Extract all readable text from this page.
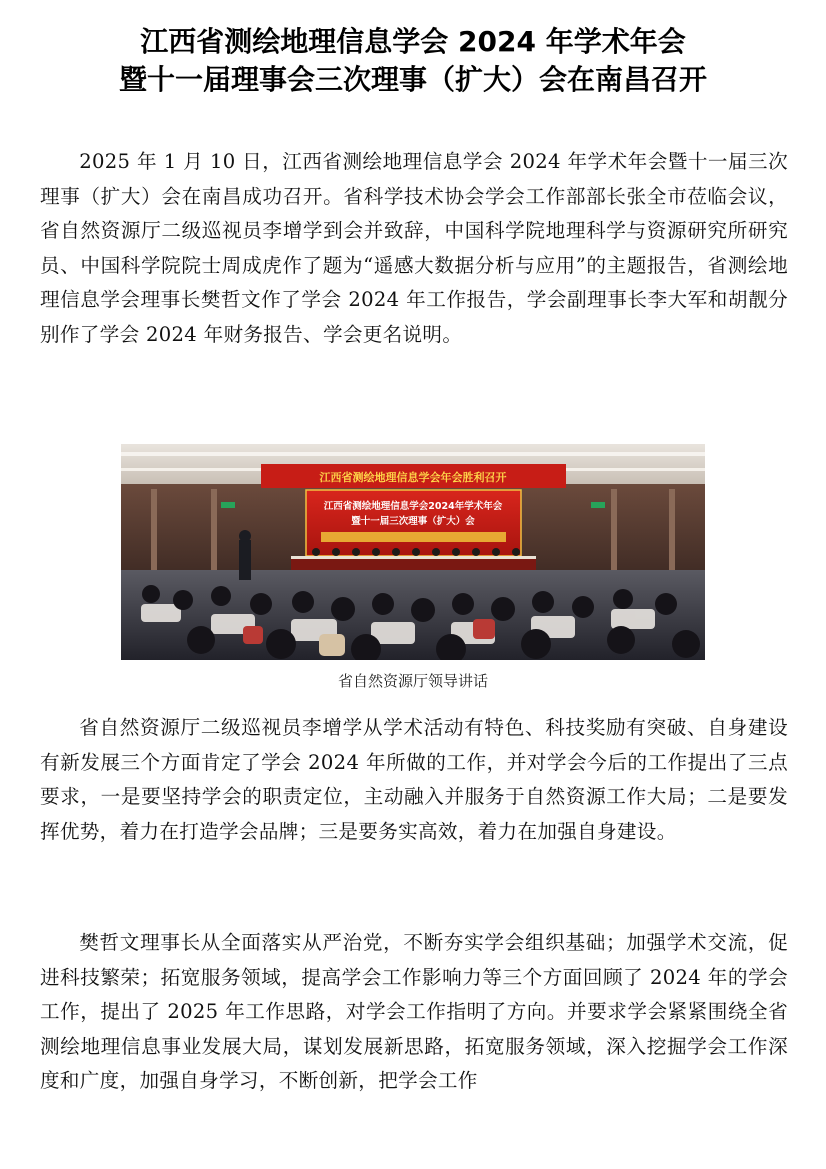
江西省测绘地理信息学会 2024 年学术年会
暨十一届理事会三次理事（扩大）会在南昌召开

2025 年 1 月 10 日，江西省测绘地理信息学会 2024 年学术年会暨十一届三次理事（扩大）会在南昌成功召开。省科学技术协会学会工作部部长张全市莅临会议，省自然资源厅二级巡视员李增学到会并致辞，中国科学院地理科学与资源研究所研究员、中国科学院院士周成虎作了题为“遥感大数据分析与应用”的主题报告，省测绘地理信息学会理事长樊哲文作了学会 2024 年工作报告，学会副理事长李大军和胡靓分别作了学会 2024 年财务报告、学会更名说明。

江西省测绘地理信息学会年会胜利召开
江西省测绘地理信息学会2024年学术年会
暨十一届三次理事（扩大）会
省自然资源厅领导讲话

省自然资源厅二级巡视员李增学从学术活动有特色、科技奖励有突破、自身建设有新发展三个方面肯定了学会 2024 年所做的工作，并对学会今后的工作提出了三点要求，一是要坚持学会的职责定位，主动融入并服务于自然资源工作大局；二是要发挥优势，着力在打造学会品牌；三是要务实高效，着力在加强自身建设。

樊哲文理事长从全面落实从严治党，不断夯实学会组织基础；加强学术交流，促进科技繁荣；拓宽服务领域，提高学会工作影响力等三个方面回顾了 2024 年的学会工作，提出了 2025 年工作思路，对学会工作指明了方向。并要求学会紧紧围绕全省测绘地理信息事业发展大局，谋划发展新思路，拓宽服务领域，深入挖掘学会工作深度和广度，加强自身学习，不断创新，把学会工作
